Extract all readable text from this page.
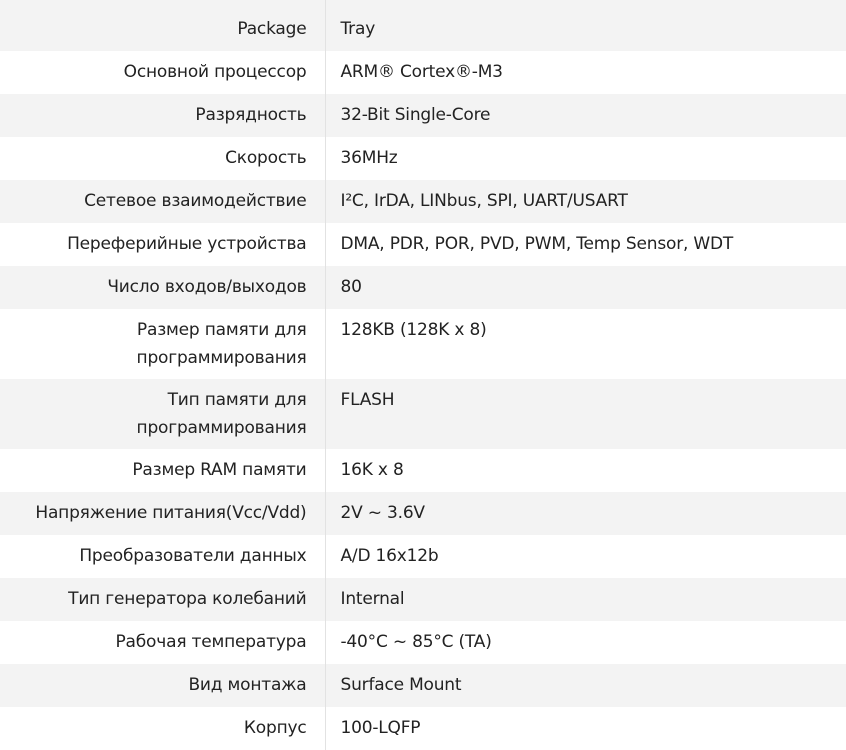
Package	Tray
Основной процессор	ARM® Cortex®-M3
Разрядность	32-Bit Single-Core
Скорость	36MHz
Сетевое взаимодействие	I²C, IrDA, LINbus, SPI, UART/USART
Переферийные устройства	DMA, PDR, POR, PVD, PWM, Temp Sensor, WDT
Число входов/выходов	80
Размер памяти для программирования	128KB (128K x 8)
Тип памяти для программирования	FLASH
Размер RAM памяти	16K x 8
Напряжение питания(Vcc/Vdd)	2V ~ 3.6V
Преобразователи данных	A/D 16x12b
Тип генератора колебаний	Internal
Рабочая температура	-40°C ~ 85°C (TA)
Вид монтажа	Surface Mount
Корпус	100-LQFP
